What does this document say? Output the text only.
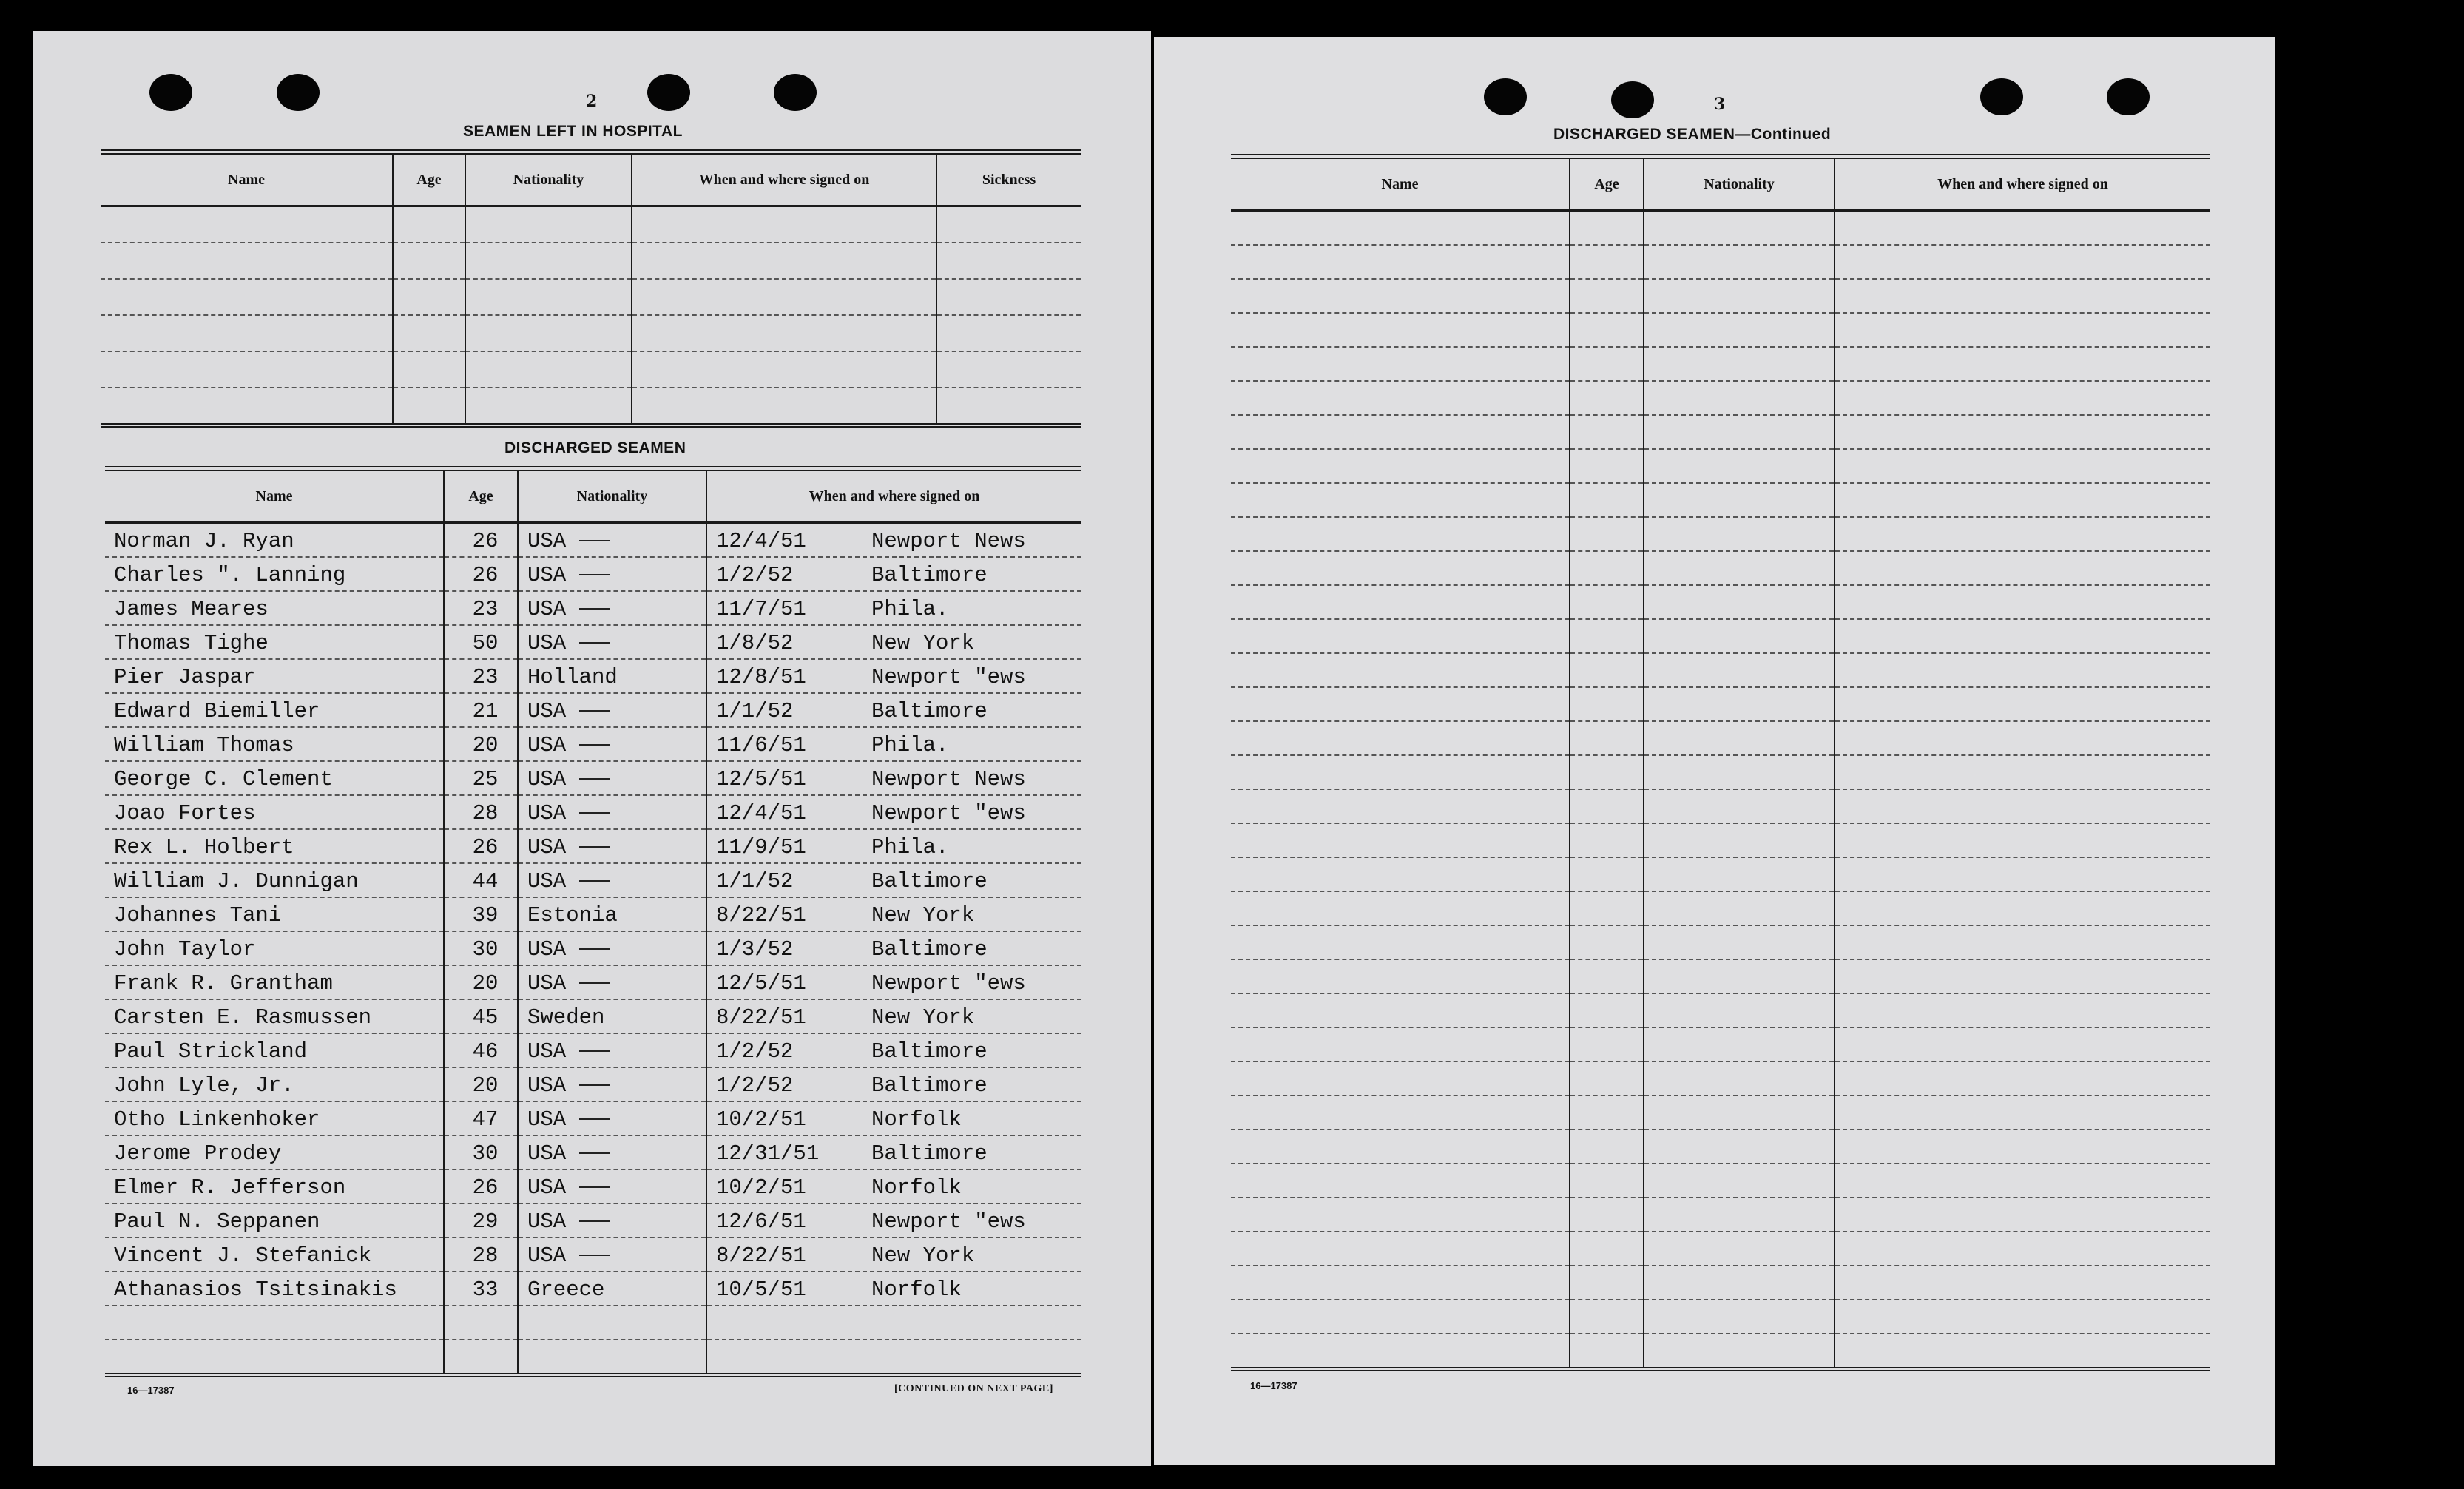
2
SEAMEN LEFT IN HOSPITAL
Name	Age	Nationality	When and where signed on	Sickness

DISCHARGED SEAMEN
Name	Age	Nationality	When and where signed on
Norman J. Ryan	26	USA	12/4/51 Newport News
Charles ". Lanning	26	USA	1/2/52 Baltimore
James Meares	23	USA	11/7/51 Phila.
Thomas Tighe	50	USA	1/8/52 New York
Pier Jaspar	23	Holland	12/8/51 Newport "ews
Edward Biemiller	21	USA	1/1/52 Baltimore
William Thomas	20	USA	11/6/51 Phila.
George C. Clement	25	USA	12/5/51 Newport News
Joao Fortes	28	USA	12/4/51 Newport "ews
Rex L. Holbert	26	USA	11/9/51 Phila.
William J. Dunnigan	44	USA	1/1/52 Baltimore
Johannes Tani	39	Estonia	8/22/51 New York
John Taylor	30	USA	1/3/52 Baltimore
Frank R. Grantham	20	USA	12/5/51 Newport "ews
Carsten E. Rasmussen	45	Sweden	8/22/51 New York
Paul Strickland	46	USA	1/2/52 Baltimore
John Lyle, Jr.	20	USA	1/2/52 Baltimore
Otho Linkenhoker	47	USA	10/2/51 Norfolk
Jerome Prodey	30	USA	12/31/51 Baltimore
Elmer R. Jefferson	26	USA	10/2/51 Norfolk
Paul N. Seppanen	29	USA	12/6/51 Newport "ews
Vincent J. Stefanick	28	USA	8/22/51 New York
Athanasios Tsitsinakis	33	Greece	10/5/51 Norfolk

16—17387	[CONTINUED ON NEXT PAGE]
3
DISCHARGED SEAMEN—Continued
Name	Age	Nationality	When and where signed on

16—17387
